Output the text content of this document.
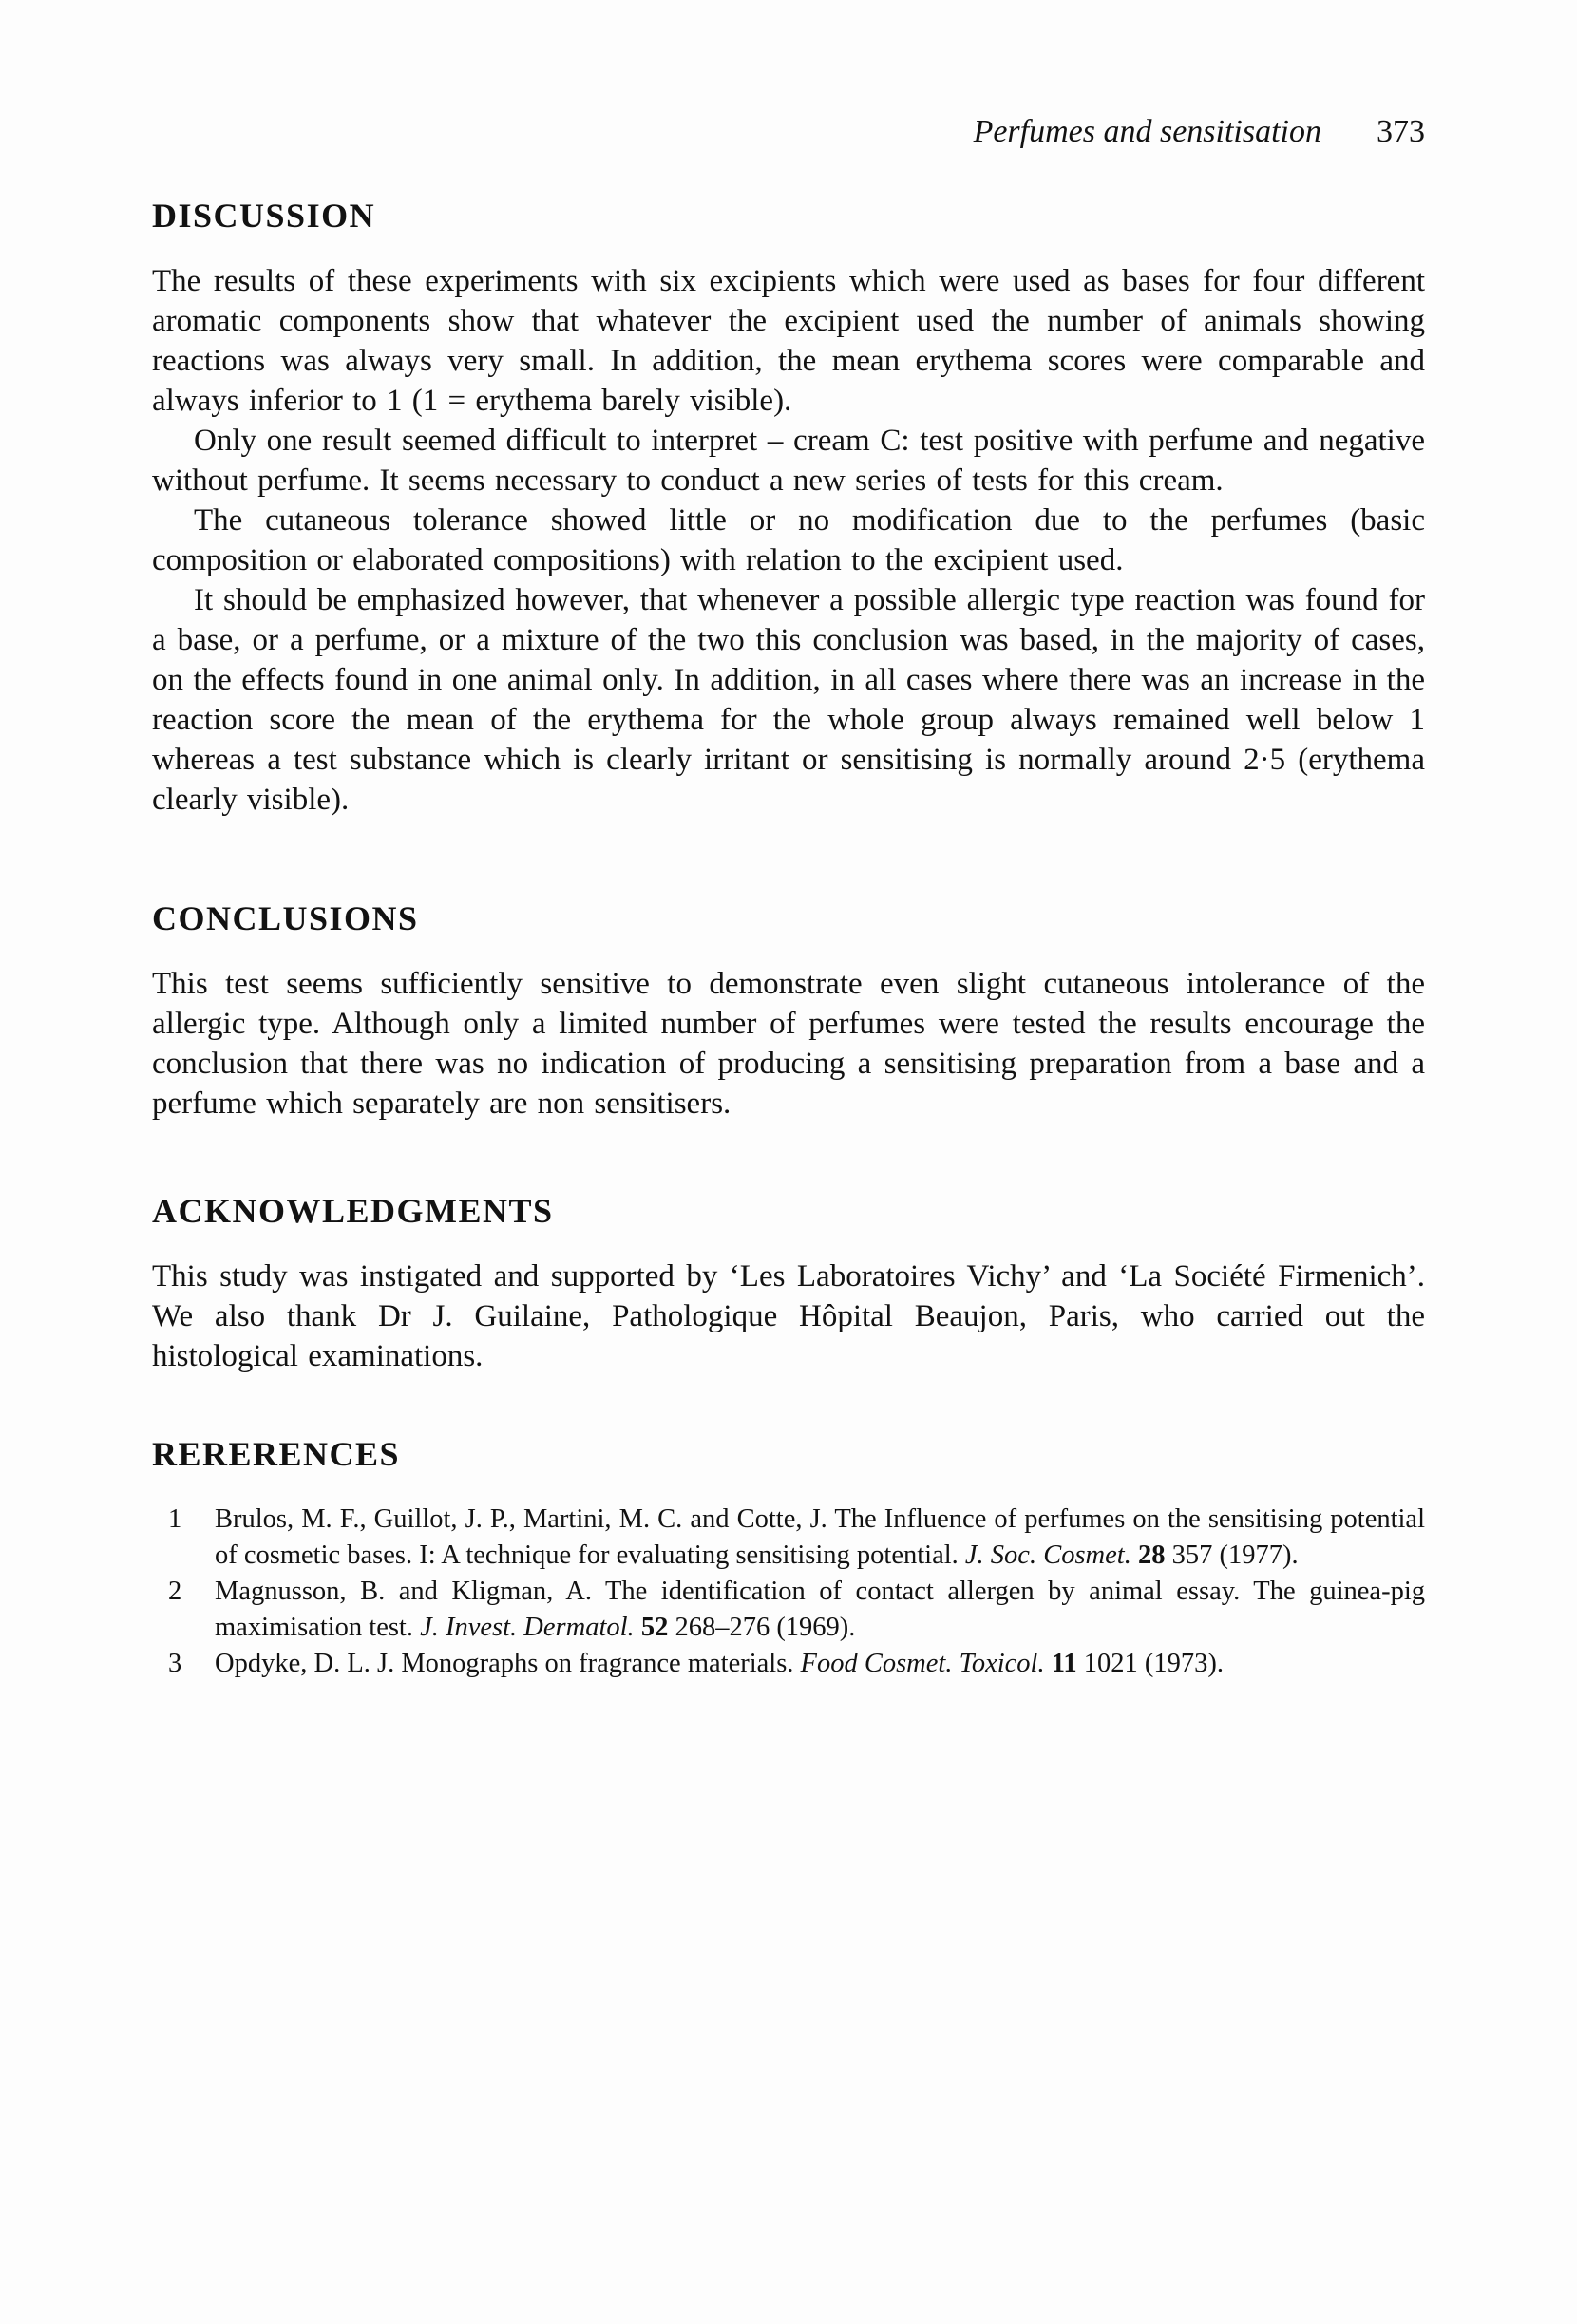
Perfumes and sensitisation 373
DISCUSSION

The results of these experiments with six excipients which were used as bases for four different aromatic components show that whatever the excipient used the number of animals showing reactions was always very small. In addition, the mean erythema scores were comparable and always inferior to 1 (1 = erythema barely visible).

Only one result seemed difficult to interpret – cream C: test positive with perfume and negative without perfume. It seems necessary to conduct a new series of tests for this cream.

The cutaneous tolerance showed little or no modification due to the perfumes (basic composition or elaborated compositions) with relation to the excipient used.

It should be emphasized however, that whenever a possible allergic type reaction was found for a base, or a perfume, or a mixture of the two this conclusion was based, in the majority of cases, on the effects found in one animal only. In addition, in all cases where there was an increase in the reaction score the mean of the erythema for the whole group always remained well below 1 whereas a test substance which is clearly irritant or sensitising is normally around 2·5 (erythema clearly visible).

CONCLUSIONS

This test seems sufficiently sensitive to demonstrate even slight cutaneous intolerance of the allergic type. Although only a limited number of perfumes were tested the results encourage the conclusion that there was no indication of producing a sensitising preparation from a base and a perfume which separately are non sensitisers.

ACKNOWLEDGMENTS

This study was instigated and supported by ‘Les Laboratoires Vichy’ and ‘La Société Firmenich’. We also thank Dr J. Guilaine, Pathologique Hôpital Beaujon, Paris, who carried out the histological examinations.

RERERENCES
1	Brulos, M. F., Guillot, J. P., Martini, M. C. and Cotte, J. The Influence of perfumes on the sensitising potential of cosmetic bases. I: A technique for evaluating sensitising potential. J. Soc. Cosmet. 28 357 (1977).
2	Magnusson, B. and Kligman, A. The identification of contact allergen by animal essay. The guinea-pig maximisation test. J. Invest. Dermatol. 52 268–276 (1969).
3	Opdyke, D. L. J. Monographs on fragrance materials. Food Cosmet. Toxicol. 11 1021 (1973).
